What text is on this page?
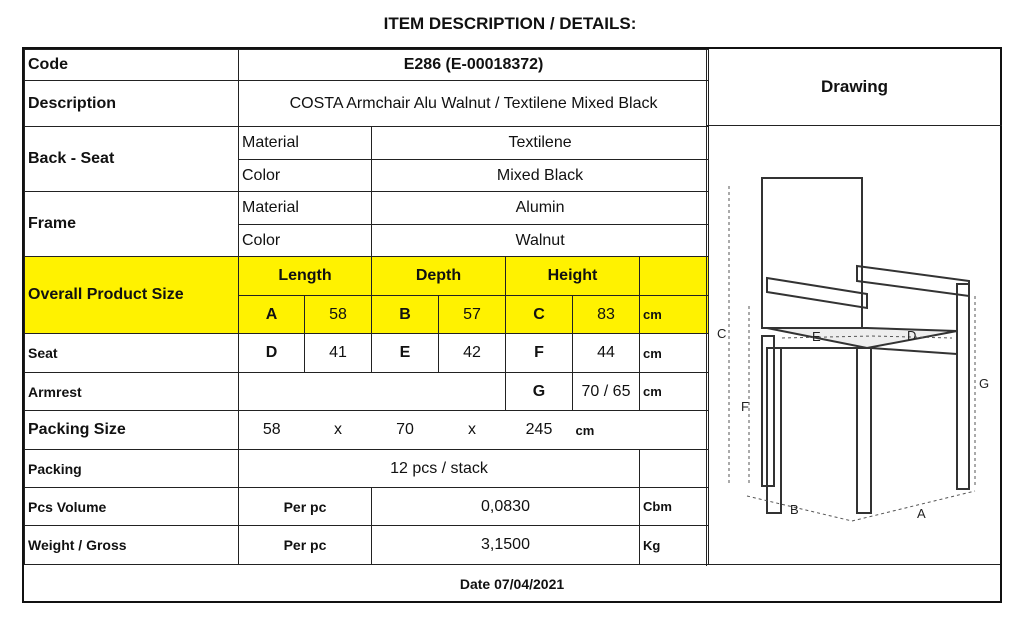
ITEM DESCRIPTION / DETAILS:
Code	E286 (E-00018372)						
Description	COSTA Armchair Alu Walnut / Textilene Mixed Black						
Back - Seat	Material		Textilene				
	Color		Mixed Black				
Frame	Material		Alumin				
	Color		Walnut				
Overall Product Size	Length		Depth		Height		
	A	58	B	57	C	83	cm
Seat	D	41	E	42	F	44	cm
Armrest					G	70 / 65	cm
Packing Size	58	x	70	x	245	cm	
Packing	12 pcs / stack						
Pcs Volume	Per pc		0,0830				Cbm
Weight / Gross	Per pc		3,1500				Kg
Drawing
C
F
G
E	D
B	A
Date 07/04/2021
